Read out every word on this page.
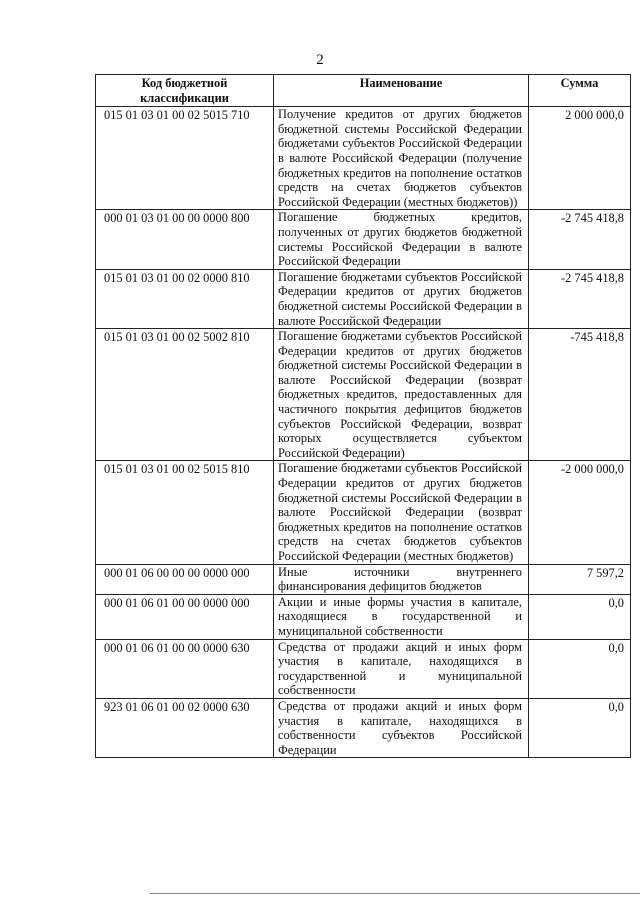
2
Код бюджетной классификации	Наименование	Сумма
015 01 03 01 00 02 5015 710	Получение кредитов от других бюджетов бюджетной системы Российской Федерации бюджетами субъектов Российской Федерации в валюте Российской Федерации (получение бюджетных кредитов на пополнение остатков средств на счетах бюджетов субъектов Российской Федерации (местных бюджетов))	2 000 000,0
000 01 03 01 00 00 0000 800	Погашение бюджетных кредитов, полученных от других бюджетов бюджетной системы Российской Федерации в валюте Российской Федерации	-2 745 418,8
015 01 03 01 00 02 0000 810	Погашение бюджетами субъектов Российской Федерации кредитов от других бюджетов бюджетной системы Российской Федерации в валюте Российской Федерации	-2 745 418,8
015 01 03 01 00 02 5002 810	Погашение бюджетами субъектов Российской Федерации кредитов от других бюджетов бюджетной системы Российской Федерации в валюте Российской Федерации (возврат бюджетных кредитов, предоставленных для частичного покрытия дефицитов бюджетов субъектов Российской Федерации, возврат которых осуществляется субъектом Российской Федерации)	-745 418,8
015 01 03 01 00 02 5015 810	Погашение бюджетами субъектов Российской Федерации кредитов от других бюджетов бюджетной системы Российской Федерации в валюте Российской Федерации (возврат бюджетных кредитов на пополнение остатков средств на счетах бюджетов субъектов Российской Федерации (местных бюджетов)	-2 000 000,0
000 01 06 00 00 00 0000 000	Иные источники внутреннего финансирования дефицитов бюджетов	7 597,2
000 01 06 01 00 00 0000 000	Акции и иные формы участия в капитале, находящиеся в государственной и муниципальной собственности	0,0
000 01 06 01 00 00 0000 630	Средства от продажи акций и иных форм участия в капитале, находящихся в государственной и муниципальной собственности	0,0
923 01 06 01 00 02 0000 630	Средства от продажи акций и иных форм участия в капитале, находящихся в собственности субъектов Российской Федерации	0,0
